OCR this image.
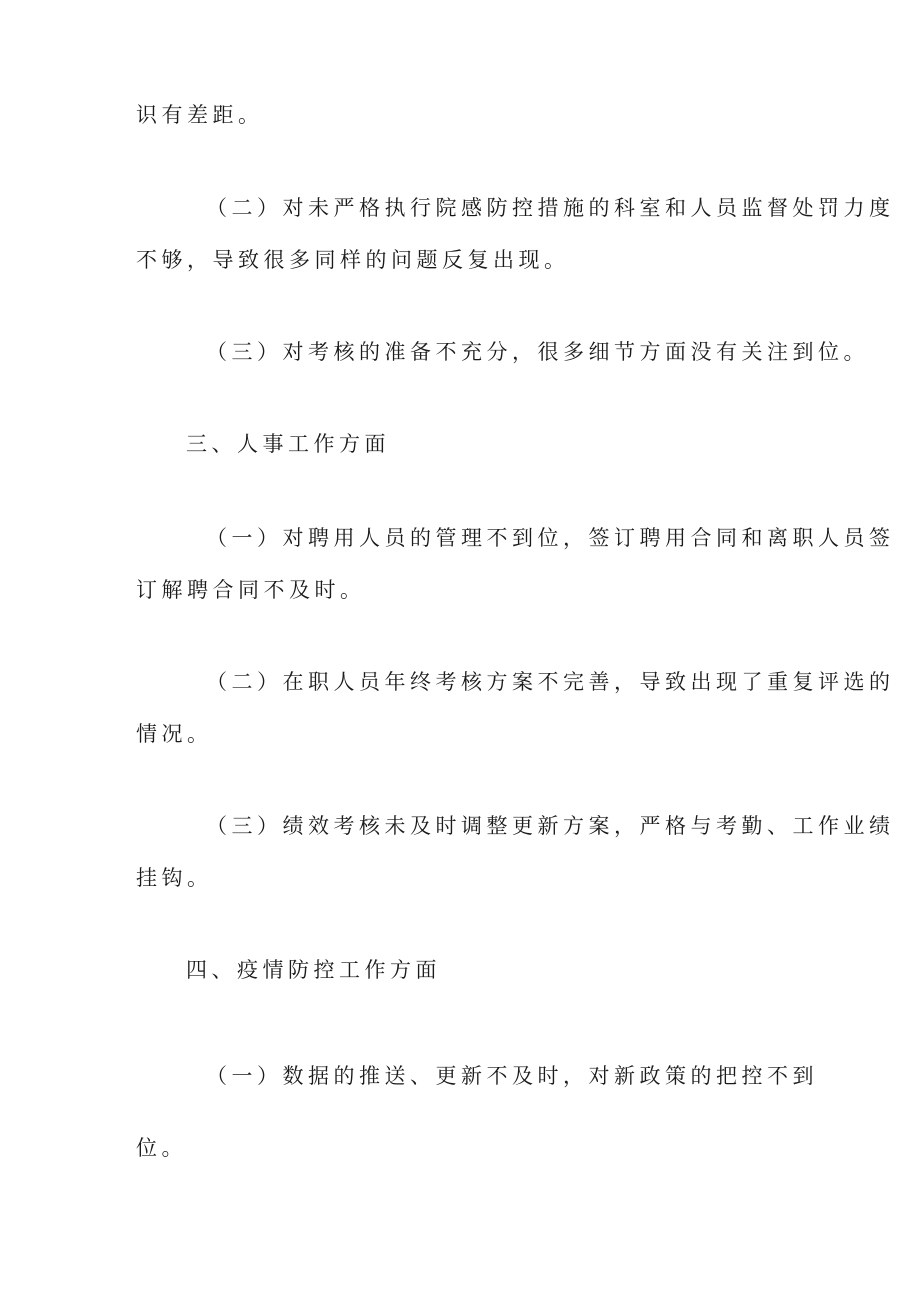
识有差距。

（二）对未严格执行院感防控措施的科室和人员监督处罚力度

不够，导致很多同样的问题反复出现。

（三）对考核的准备不充分，很多细节方面没有关注到位。

三、人事工作方面

（一）对聘用人员的管理不到位，签订聘用合同和离职人员签

订解聘合同不及时。

（二）在职人员年终考核方案不完善，导致出现了重复评选的

情况。

（三）绩效考核未及时调整更新方案，严格与考勤、工作业绩

挂钩。

四、疫情防控工作方面

（一）数据的推送、更新不及时，对新政策的把控不到

位。
